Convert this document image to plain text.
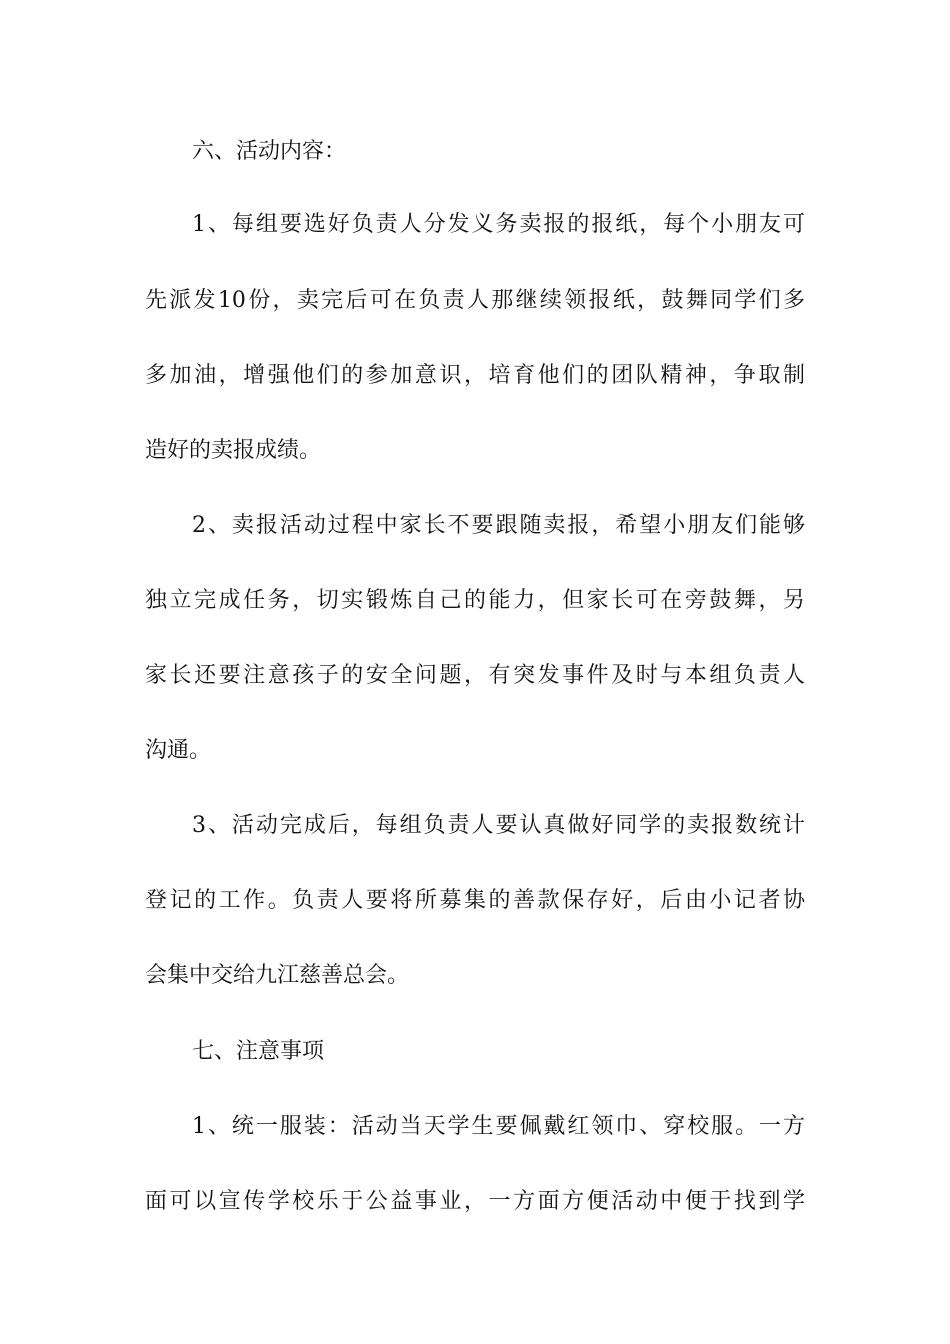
六、活动内容：

1、每组要选好负责人分发义务卖报的报纸，每个小朋友可

先派发10份，卖完后可在负责人那继续领报纸，鼓舞同学们多

多加油，增强他们的参加意识，培育他们的团队精神，争取制

造好的卖报成绩。

2、卖报活动过程中家长不要跟随卖报，希望小朋友们能够

独立完成任务，切实锻炼自己的能力，但家长可在旁鼓舞，另

家长还要注意孩子的安全问题，有突发事件及时与本组负责人

沟通。

3、活动完成后，每组负责人要认真做好同学的卖报数统计

登记的工作。负责人要将所募集的善款保存好，后由小记者协

会集中交给九江慈善总会。

七、注意事项

1、统一服装：活动当天学生要佩戴红领巾、穿校服。一方

面可以宣传学校乐于公益事业，一方面方便活动中便于找到学
